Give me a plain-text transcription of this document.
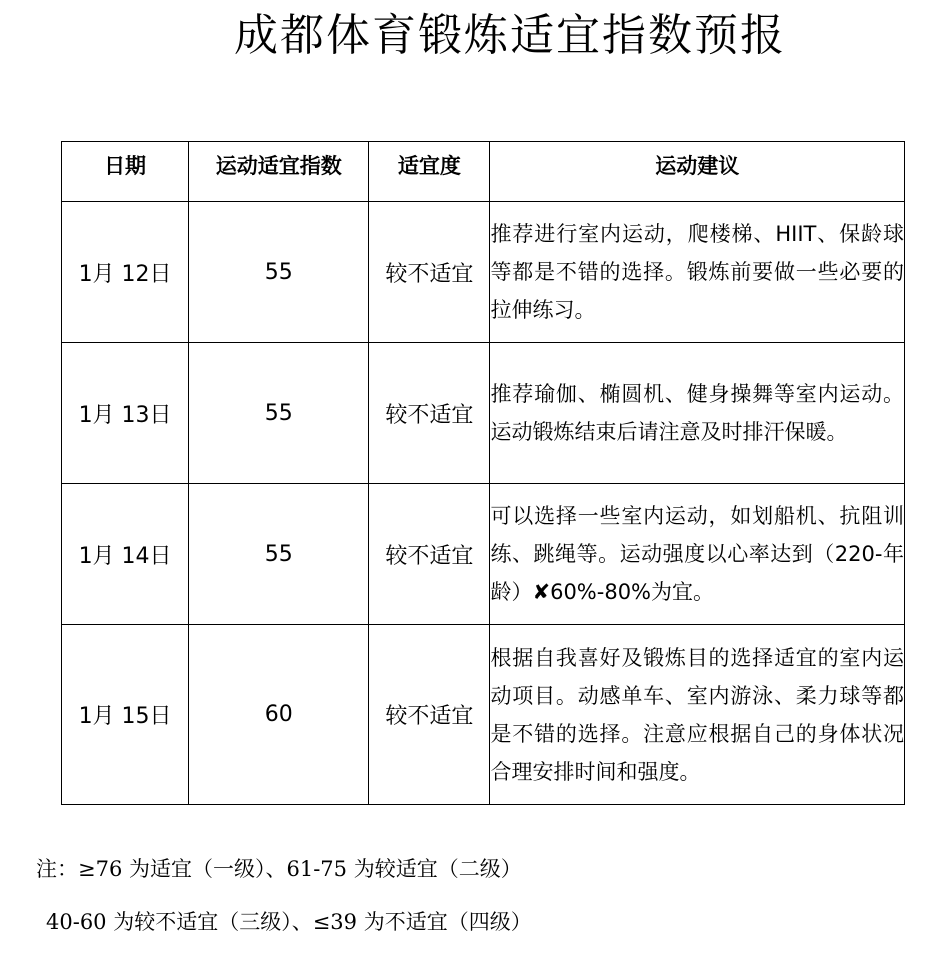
成都体育锻炼适宜指数预报
日期	运动适宜指数	适宜度	运动建议
1月 12日	55	较不适宜	推荐进行室内运动，爬楼梯、HIIT、保龄球等都是不错的选择。锻炼前要做一些必要的拉伸练习。
1月 13日	55	较不适宜	推荐瑜伽、椭圆机、健身操舞等室内运动。运动锻炼结束后请注意及时排汗保暖。
1月 14日	55	较不适宜	可以选择一些室内运动，如划船机、抗阻训练、跳绳等。运动强度以心率达到（220-年龄）✘60%-80%为宜。
1月 15日	60	较不适宜	根据自我喜好及锻炼目的选择适宜的室内运动项目。动感单车、室内游泳、柔力球等都是不错的选择。注意应根据自己的身体状况合理安排时间和强度。
注：≥76 为适宜（一级）、61-75 为较适宜（二级）
40-60 为较不适宜（三级）、≤39 为不适宜（四级）
